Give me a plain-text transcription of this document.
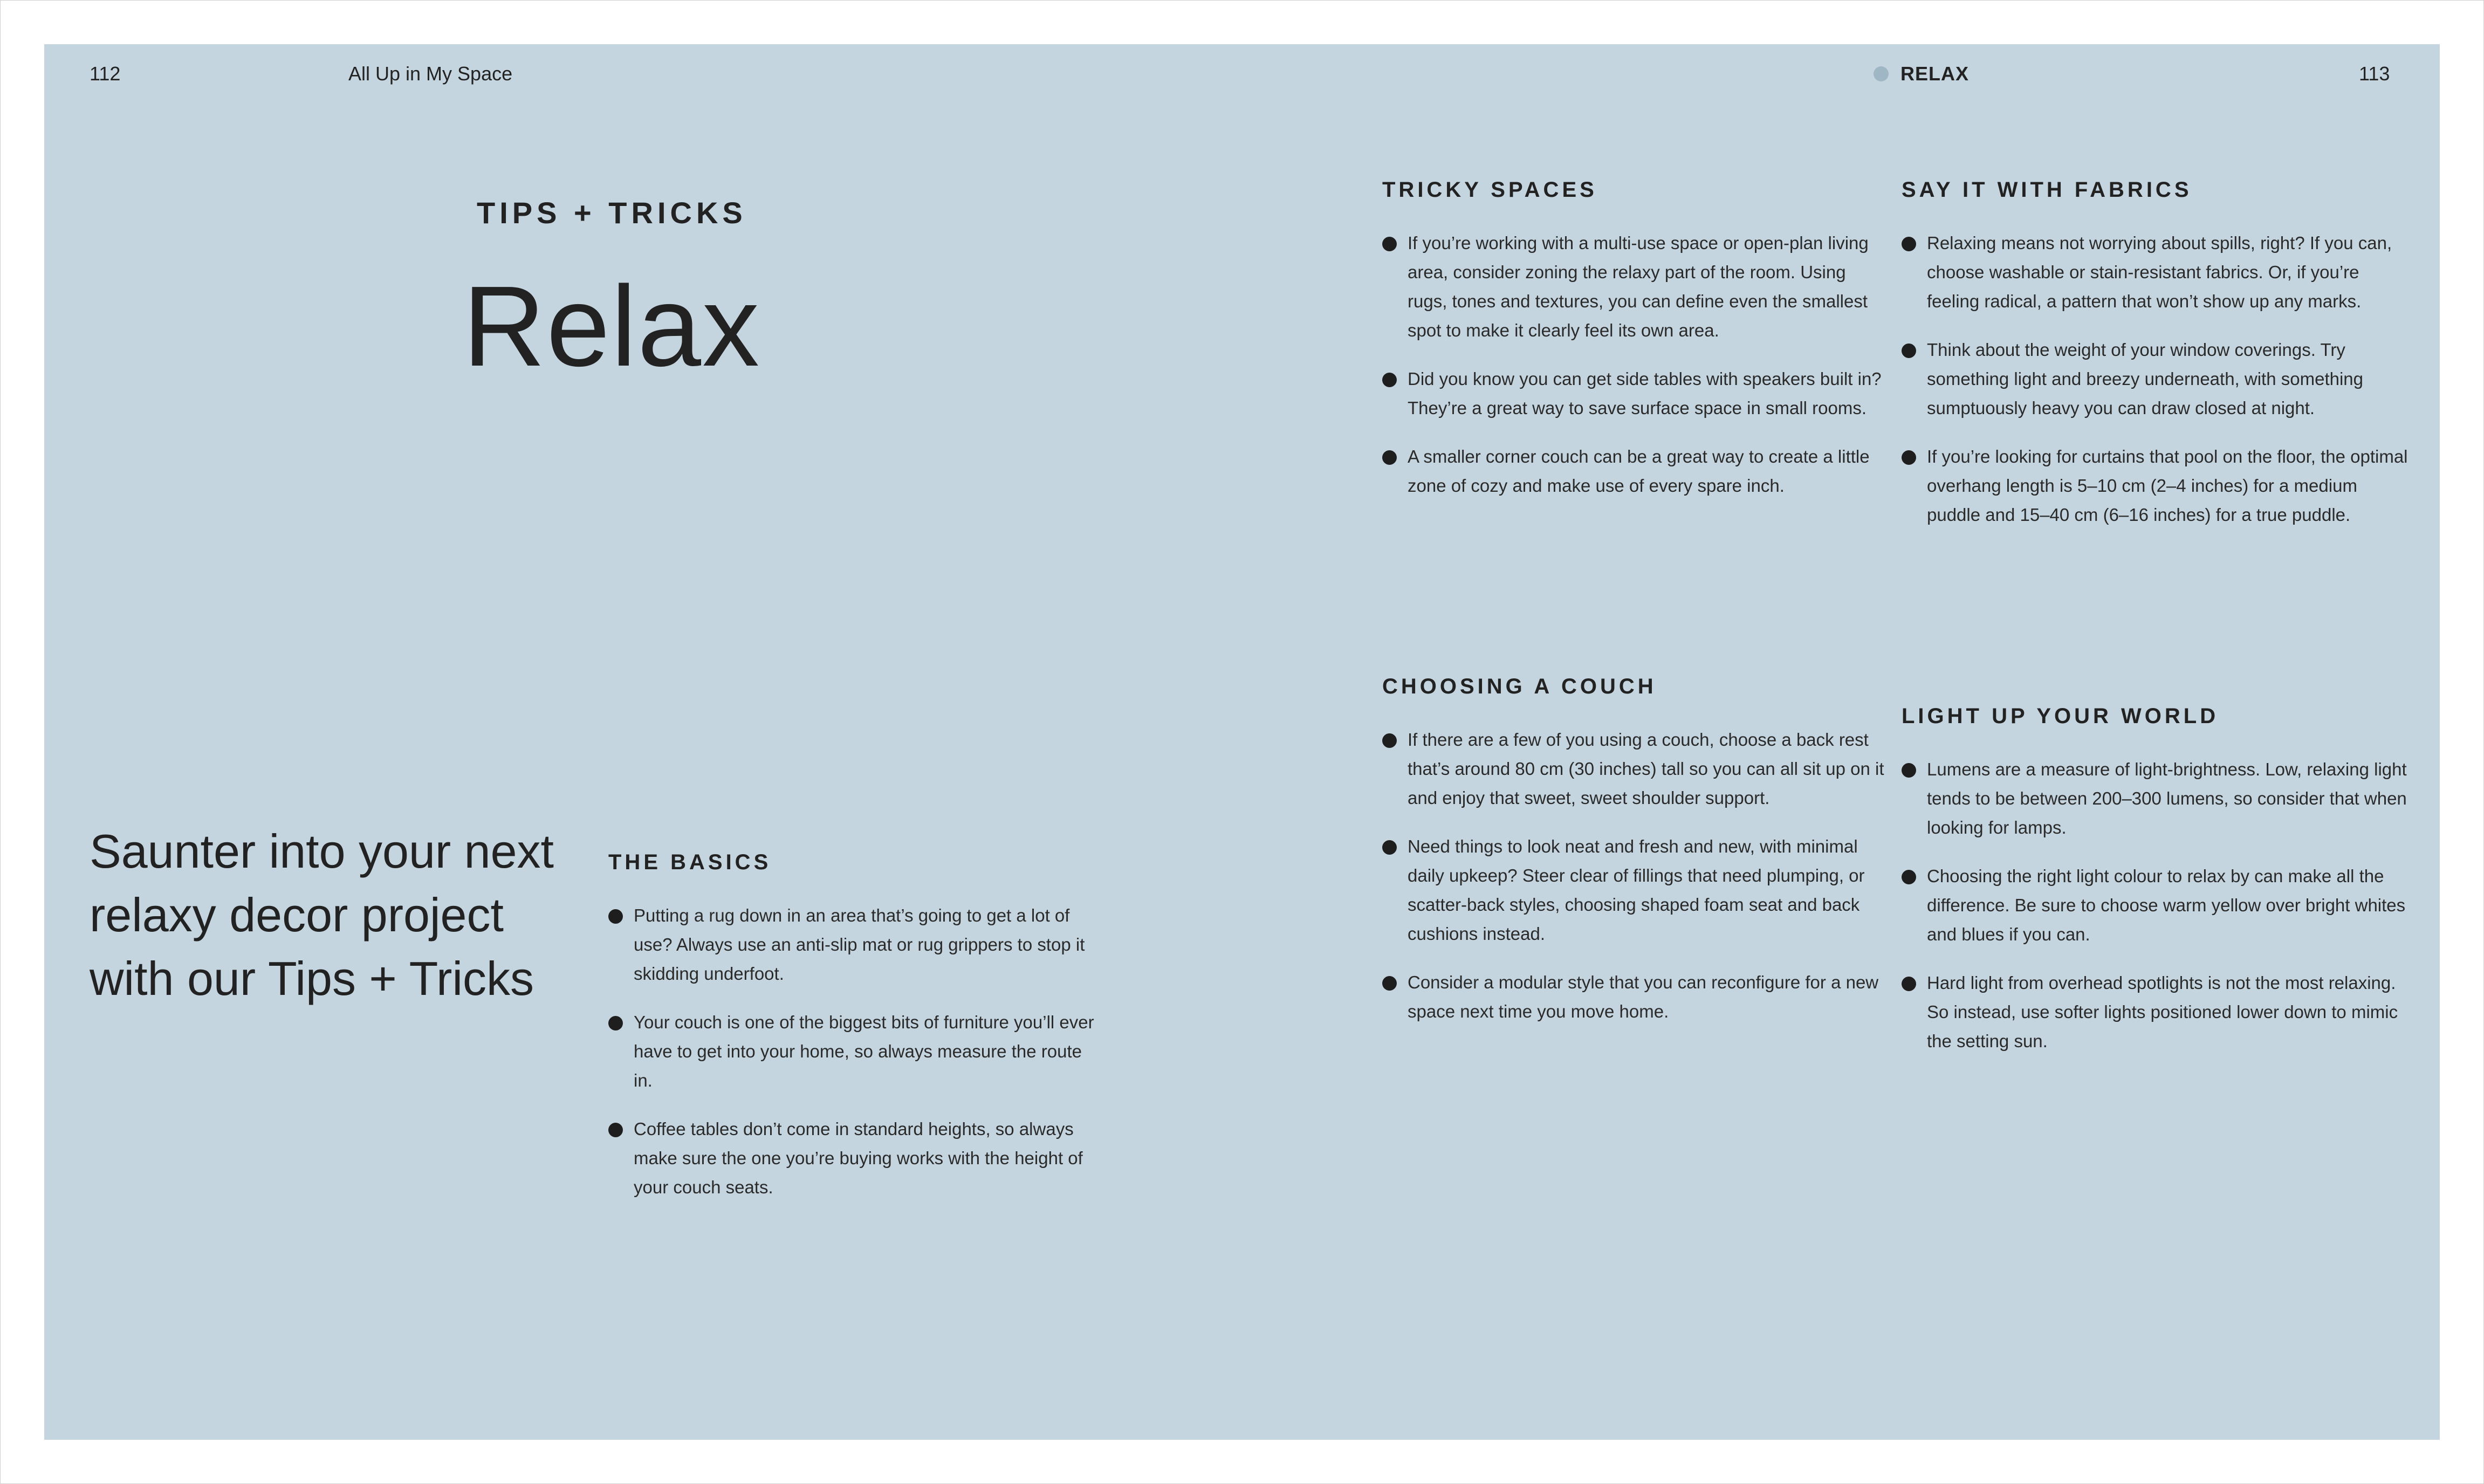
112	All Up in My Space	RELAX	113
TIPS + TRICKS
Relax
Saunter into your next relaxy decor project with our Tips + Tricks
THE BASICS
Putting a rug down in an area that’s going to get a lot of use? Always use an anti-slip mat or rug grippers to stop it skidding underfoot.
Your couch is one of the biggest bits of furniture you’ll ever have to get into your home, so always measure the route in.
Coffee tables don’t come in standard heights, so always make sure the one you’re buying works with the height of your couch seats.
TRICKY SPACES
If you’re working with a multi-use space or open-plan living area, consider zoning the relaxy part of the room. Using rugs, tones and textures, you can define even the smallest spot to make it clearly feel its own area.
Did you know you can get side tables with speakers built in? They’re a great way to save surface space in small rooms.
A smaller corner couch can be a great way to create a little zone of cozy and make use of every spare inch.
CHOOSING A COUCH
If there are a few of you using a couch, choose a back rest that’s around 80 cm (30 inches) tall so you can all sit up on it and enjoy that sweet, sweet shoulder support.
Need things to look neat and fresh and new, with minimal daily upkeep? Steer clear of fillings that need plumping, or scatter-back styles, choosing shaped foam seat and back cushions instead.
Consider a modular style that you can reconfigure for a new space next time you move home.
SAY IT WITH FABRICS
Relaxing means not worrying about spills, right? If you can, choose washable or stain-resistant fabrics. Or, if you’re feeling radical, a pattern that won’t show up any marks.
Think about the weight of your window coverings. Try something light and breezy underneath, with something sumptuously heavy you can draw closed at night.
If you’re looking for curtains that pool on the floor, the optimal overhang length is 5–10 cm (2–4 inches) for a medium puddle and 15–40 cm (6–16 inches) for a true puddle.
LIGHT UP YOUR WORLD
Lumens are a measure of light-brightness. Low, relaxing light tends to be between 200–300 lumens, so consider that when looking for lamps.
Choosing the right light colour to relax by can make all the difference. Be sure to choose warm yellow over bright whites and blues if you can.
Hard light from overhead spotlights is not the most relaxing. So instead, use softer lights positioned lower down to mimic the setting sun.
